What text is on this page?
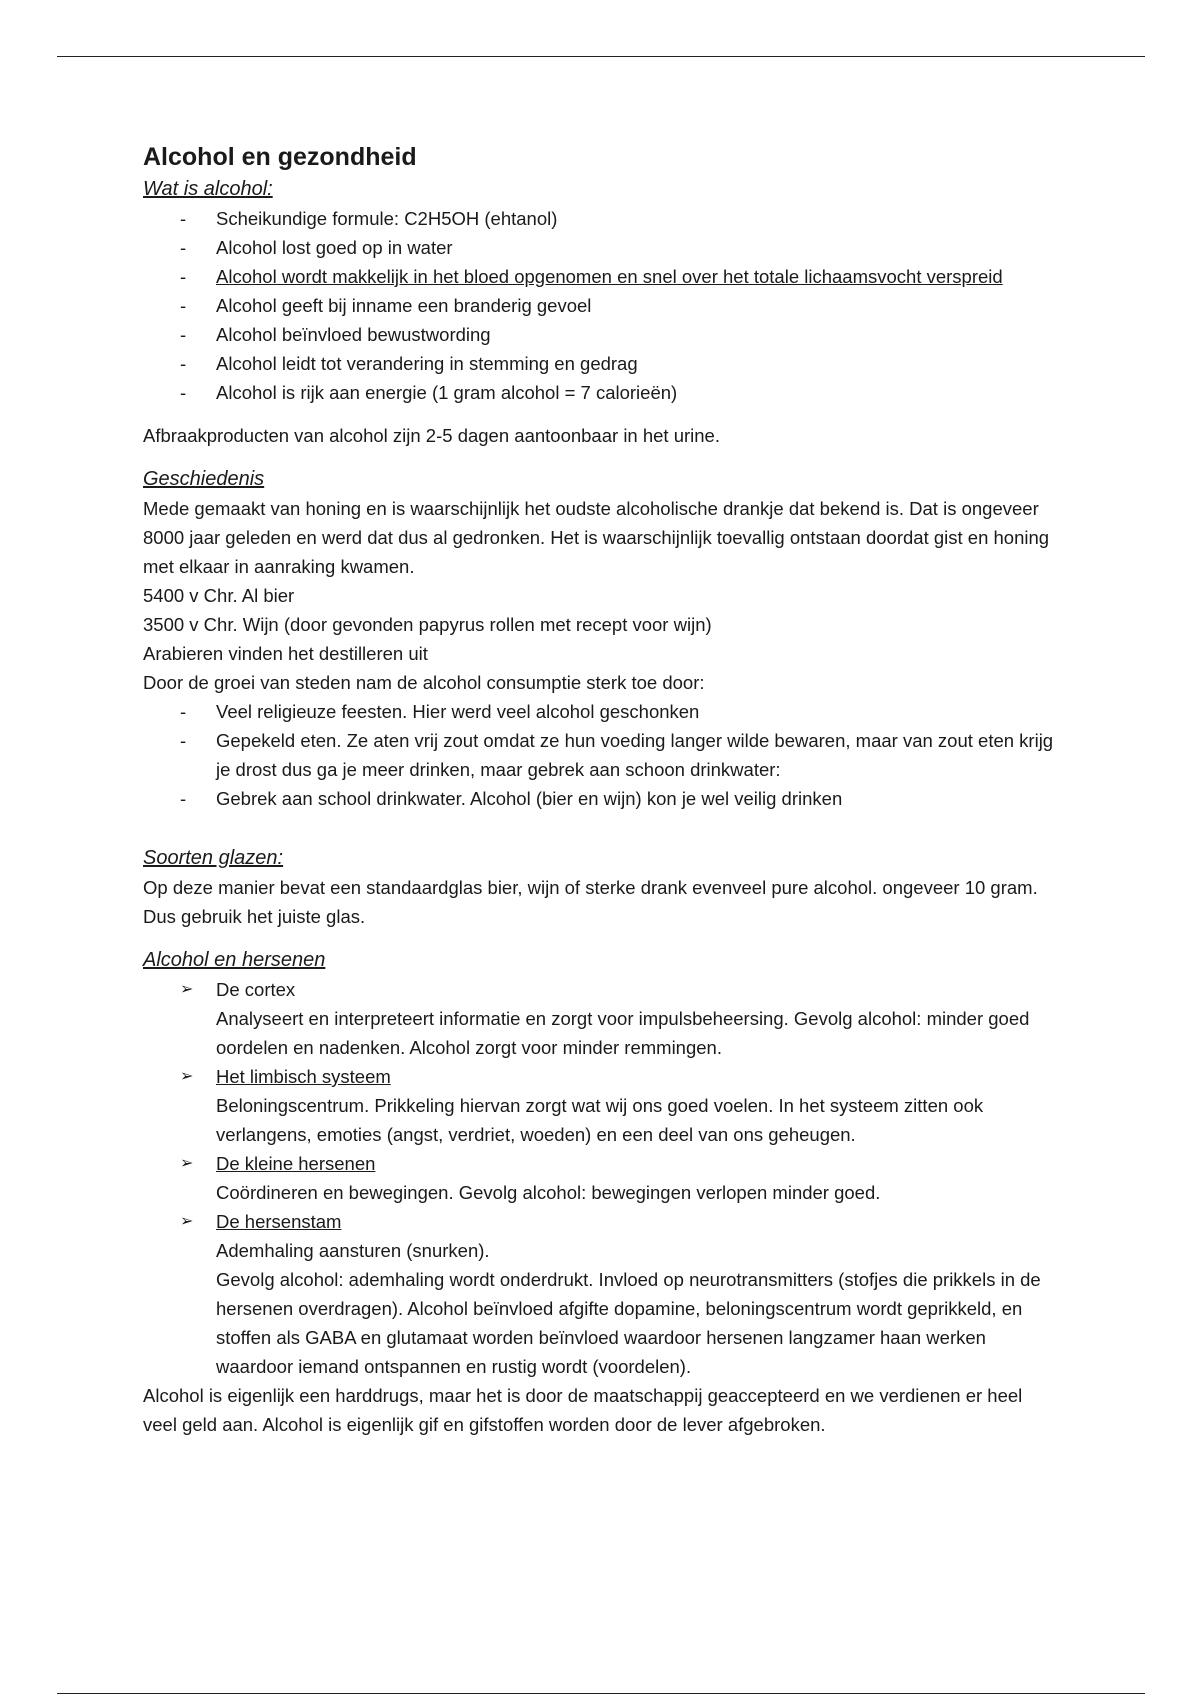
Alcohol en gezondheid
Wat is alcohol:
- Scheikundige formule: C2H5OH (ehtanol)
- Alcohol lost goed op in water
- Alcohol wordt makkelijk in het bloed opgenomen en snel over het totale lichaamsvocht verspreid
- Alcohol geeft bij inname een branderig gevoel
- Alcohol beïnvloed bewustwording
- Alcohol leidt tot verandering in stemming en gedrag
- Alcohol is rijk aan energie (1 gram alcohol = 7 calorieën)

Afbraakproducten van alcohol zijn 2-5 dagen aantoonbaar in het urine.

Geschiedenis

Mede gemaakt van honing en is waarschijnlijk het oudste alcoholische drankje dat bekend is. Dat is ongeveer 8000 jaar geleden en werd dat dus al gedronken. Het is waarschijnlijk toevallig ontstaan doordat gist en honing met elkaar in aanraking kwamen.

5400 v Chr. Al bier

3500 v Chr. Wijn (door gevonden papyrus rollen met recept voor wijn)

Arabieren vinden het destilleren uit

Door de groei van steden nam de alcohol consumptie sterk toe door:

- Veel religieuze feesten. Hier werd veel alcohol geschonken
- Gepekeld eten. Ze aten vrij zout omdat ze hun voeding langer wilde bewaren, maar van zout eten krijg je drost dus ga je meer drinken, maar gebrek aan schoon drinkwater:
- Gebrek aan school drinkwater. Alcohol (bier en wijn) kon je wel veilig drinken
Soorten glazen:

Op deze manier bevat een standaardglas bier, wijn of sterke drank evenveel pure alcohol. ongeveer 10 gram. Dus gebruik het juiste glas.

Alcohol en hersenen
➢ De cortex
Analyseert en interpreteert informatie en zorgt voor impulsbeheersing. Gevolg alcohol: minder goed oordelen en nadenken. Alcohol zorgt voor minder remmingen.
➢ Het limbisch systeem
Beloningscentrum. Prikkeling hiervan zorgt wat wij ons goed voelen. In het systeem zitten ook verlangens, emoties (angst, verdriet, woeden) en een deel van ons geheugen.
➢ De kleine hersenen
Coördineren en bewegingen. Gevolg alcohol: bewegingen verlopen minder goed.
➢ De hersenstam
Ademhaling aansturen (snurken).
Gevolg alcohol: ademhaling wordt onderdrukt. Invloed op neurotransmitters (stofjes die prikkels in de hersenen overdragen). Alcohol beïnvloed afgifte dopamine, beloningscentrum wordt geprikkeld, en stoffen als GABA en glutamaat worden beïnvloed waardoor hersenen langzamer haan werken waardoor iemand ontspannen en rustig wordt (voordelen).

Alcohol is eigenlijk een harddrugs, maar het is door de maatschappij geaccepteerd en we verdienen er heel veel geld aan. Alcohol is eigenlijk gif en gifstoffen worden door de lever afgebroken.
